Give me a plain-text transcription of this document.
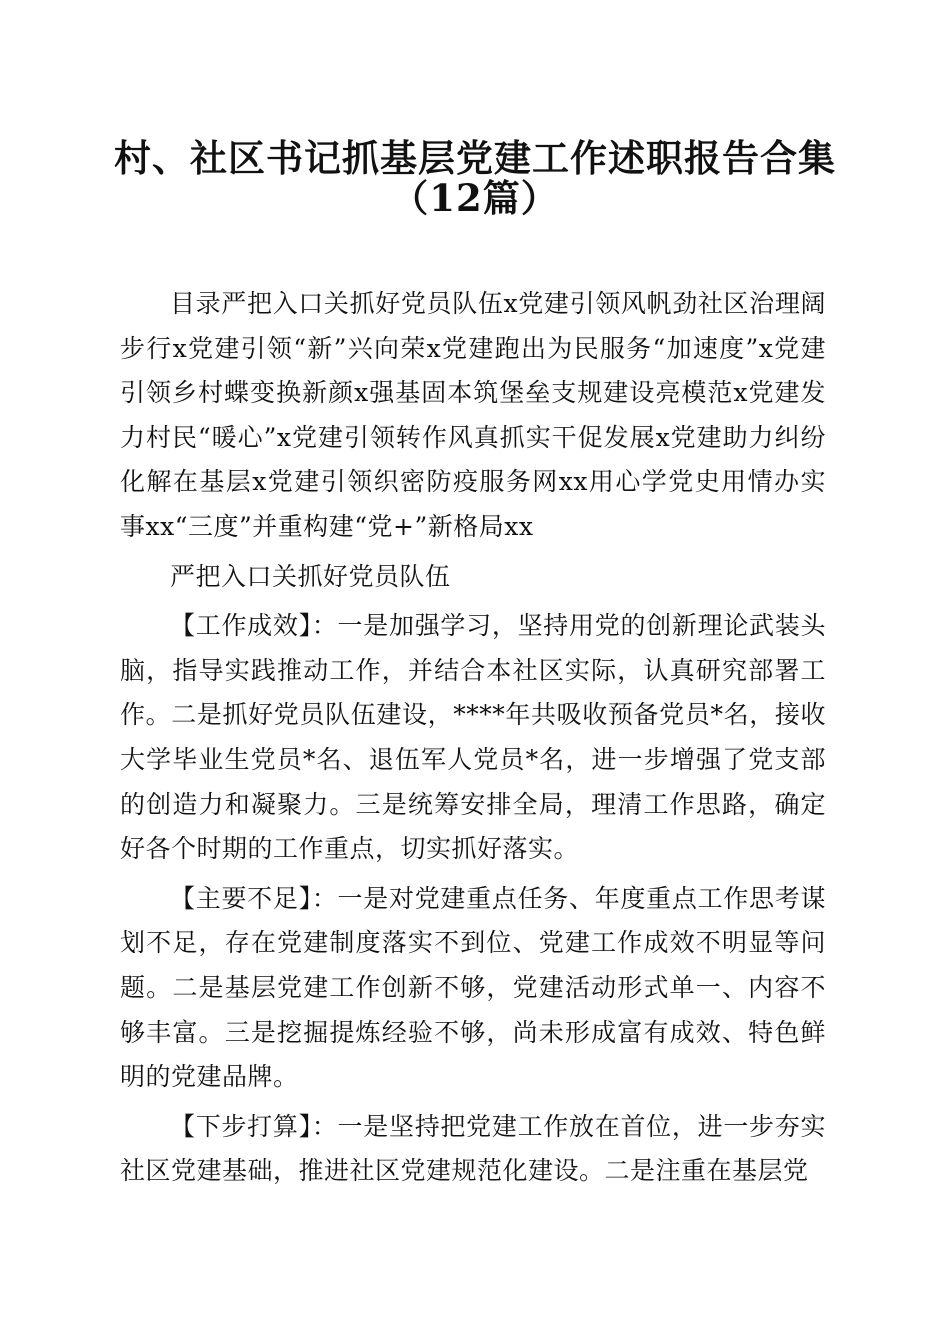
村、社区书记抓基层党建工作述职报告合集
（12篇）

目录严把入口关抓好党员队伍x党建引领风帆劲社区治理阔步行x党建引领“新”兴向荣x党建跑出为民服务“加速度”x党建引领乡村蝶变换新颜x强基固本筑堡垒支规建设亮模范x党建发力村民“暖心”x党建引领转作风真抓实干促发展x党建助力纠纷化解在基层x党建引领织密防疫服务网xx用心学党史用情办实事xx“三度”并重构建“党+”新格局xx

严把入口关抓好党员队伍

【工作成效】：一是加强学习，坚持用党的创新理论武装头脑，指导实践推动工作，并结合本社区实际，认真研究部署工作。二是抓好党员队伍建设，****年共吸收预备党员*名，接收大学毕业生党员*名、退伍军人党员*名，进一步增强了党支部的创造力和凝聚力。三是统筹安排全局，理清工作思路，确定好各个时期的工作重点，切实抓好落实。

【主要不足】：一是对党建重点任务、年度重点工作思考谋划不足，存在党建制度落实不到位、党建工作成效不明显等问题。二是基层党建工作创新不够，党建活动形式单一、内容不够丰富。三是挖掘提炼经验不够，尚未形成富有成效、特色鲜明的党建品牌。

【下步打算】：一是坚持把党建工作放在首位，进一步夯实社区党建基础，推进社区党建规范化建设。二是注重在基层党
